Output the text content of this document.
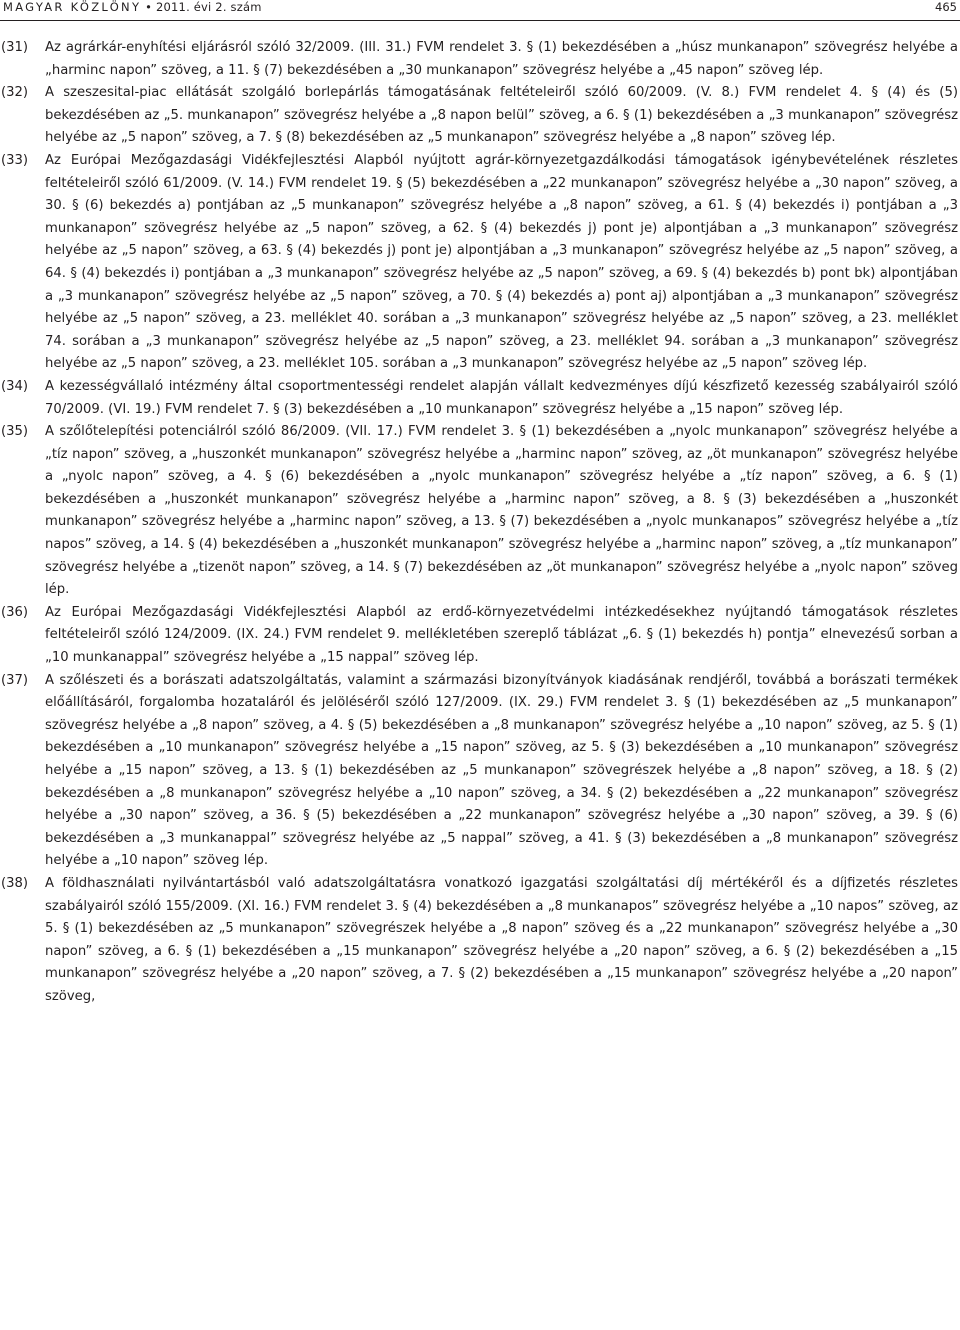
MAGYAR KÖZLÖNY • 2011. évi 2. szám	465
(31)	Az agrárkár-enyhítési eljárásról szóló 32/2009. (III. 31.) FVM rendelet 3. § (1) bekezdésében a „húsz munkanapon” szövegrész helyébe a „harminc napon” szöveg, a 11. § (7) bekezdésében a „30 munkanapon” szövegrész helyébe a „45 napon” szöveg lép.
(32)	A szeszesital-piac ellátását szolgáló borlepárlás támogatásának feltételeiről szóló 60/2009. (V. 8.) FVM rendelet 4. § (4) és (5) bekezdésében az „5. munkanapon” szövegrész helyébe a „8 napon belül” szöveg, a 6. § (1) bekezdésében a „3 munkanapon” szövegrész helyébe az „5 napon” szöveg, a 7. § (8) bekezdésében az „5 munkanapon” szövegrész helyébe a „8 napon” szöveg lép.
(33)	Az Európai Mezőgazdasági Vidékfejlesztési Alapból nyújtott agrár-környezetgazdálkodási támogatások igénybevételének részletes feltételeiről szóló 61/2009. (V. 14.) FVM rendelet 19. § (5) bekezdésében a „22 munkanapon” szövegrész helyébe a „30 napon” szöveg, a 30. § (6) bekezdés a) pontjában az „5 munkanapon” szövegrész helyébe a „8 napon” szöveg, a 61. § (4) bekezdés i) pontjában a „3 munkanapon” szövegrész helyébe az „5 napon” szöveg, a 62. § (4) bekezdés j) pont je) alpontjában a „3 munkanapon” szövegrész helyébe az „5 napon” szöveg, a 63. § (4) bekezdés j) pont je) alpontjában a „3 munkanapon” szövegrész helyébe az „5 napon” szöveg, a 64. § (4) bekezdés i) pontjában a „3 munkanapon” szövegrész helyébe az „5 napon” szöveg, a 69. § (4) bekezdés b) pont bk) alpontjában a „3 munkanapon” szövegrész helyébe az „5 napon” szöveg, a 70. § (4) bekezdés a) pont aj) alpontjában a „3 munkanapon” szövegrész helyébe az „5 napon” szöveg, a 23. melléklet 40. sorában a „3 munkanapon” szövegrész helyébe az „5 napon” szöveg, a 23. melléklet 74. sorában a „3 munkanapon” szövegrész helyébe az „5 napon” szöveg, a 23. melléklet 94. sorában a „3 munkanapon” szövegrész helyébe az „5 napon” szöveg, a 23. melléklet 105. sorában a „3 munkanapon” szövegrész helyébe az „5 napon” szöveg lép.
(34)	A kezességvállaló intézmény által csoportmentességi rendelet alapján vállalt kedvezményes díjú készfizető kezesség szabályairól szóló 70/2009. (VI. 19.) FVM rendelet 7. § (3) bekezdésében a „10 munkanapon” szövegrész helyébe a „15 napon” szöveg lép.
(35)	A szőlőtelepítési potenciálról szóló 86/2009. (VII. 17.) FVM rendelet 3. § (1) bekezdésében a „nyolc munkanapon” szövegrész helyébe a „tíz napon” szöveg, a „huszonkét munkanapon” szövegrész helyébe a „harminc napon” szöveg, az „öt munkanapon” szövegrész helyébe a „nyolc napon” szöveg, a 4. § (6) bekezdésében a „nyolc munkanapon” szövegrész helyébe a „tíz napon” szöveg, a 6. § (1) bekezdésében a „huszonkét munkanapon” szövegrész helyébe a „harminc napon” szöveg, a 8. § (3) bekezdésében a „huszonkét munkanapon” szövegrész helyébe a „harminc napon” szöveg, a 13. § (7) bekezdésében a „nyolc munkanapos” szövegrész helyébe a „tíz napos” szöveg, a 14. § (4) bekezdésében a „huszonkét munkanapon” szövegrész helyébe a „harminc napon” szöveg, a „tíz munkanapon” szövegrész helyébe a „tizenöt napon” szöveg, a 14. § (7) bekezdésében az „öt munkanapon” szövegrész helyébe a „nyolc napon” szöveg lép.
(36)	Az Európai Mezőgazdasági Vidékfejlesztési Alapból az erdő-környezetvédelmi intézkedésekhez nyújtandó támogatások részletes feltételeiről szóló 124/2009. (IX. 24.) FVM rendelet 9. mellékletében szereplő táblázat „6. § (1) bekezdés h) pontja” elnevezésű sorban a „10 munkanappal” szövegrész helyébe a „15 nappal” szöveg lép.
(37)	A szőlészeti és a borászati adatszolgáltatás, valamint a származási bizonyítványok kiadásának rendjéről, továbbá a borászati termékek előállításáról, forgalomba hozataláról és jelöléséről szóló 127/2009. (IX. 29.) FVM rendelet 3. § (1) bekezdésében az „5 munkanapon” szövegrész helyébe a „8 napon” szöveg, a 4. § (5) bekezdésében a „8 munkanapon” szövegrész helyébe a „10 napon” szöveg, az 5. § (1) bekezdésében a „10 munkanapon” szövegrész helyébe a „15 napon” szöveg, az 5. § (3) bekezdésében a „10 munkanapon” szövegrész helyébe a „15 napon” szöveg, a 13. § (1) bekezdésében az „5 munkanapon” szövegrészek helyébe a „8 napon” szöveg, a 18. § (2) bekezdésében a „8 munkanapon” szövegrész helyébe a „10 napon” szöveg, a 34. § (2) bekezdésében a „22 munkanapon” szövegrész helyébe a „30 napon” szöveg, a 36. § (5) bekezdésében a „22 munkanapon” szövegrész helyébe a „30 napon” szöveg, a 39. § (6) bekezdésében a „3 munkanappal” szövegrész helyébe az „5 nappal” szöveg, a 41. § (3) bekezdésében a „8 munkanapon” szövegrész helyébe a „10 napon” szöveg lép.
(38)	A földhasználati nyilvántartásból való adatszolgáltatásra vonatkozó igazgatási szolgáltatási díj mértékéről és a díjfizetés részletes szabályairól szóló 155/2009. (XI. 16.) FVM rendelet 3. § (4) bekezdésében a „8 munkanapos” szövegrész helyébe a „10 napos” szöveg, az 5. § (1) bekezdésében az „5 munkanapon” szövegrészek helyébe a „8 napon” szöveg és a „22 munkanapon” szövegrész helyébe a „30 napon” szöveg, a 6. § (1) bekezdésében a „15 munkanapon” szövegrész helyébe a „20 napon” szöveg, a 6. § (2) bekezdésében a „15 munkanapon” szövegrész helyébe a „20 napon” szöveg, a 7. § (2) bekezdésében a „15 munkanapon” szövegrész helyébe a „20 napon” szöveg,
